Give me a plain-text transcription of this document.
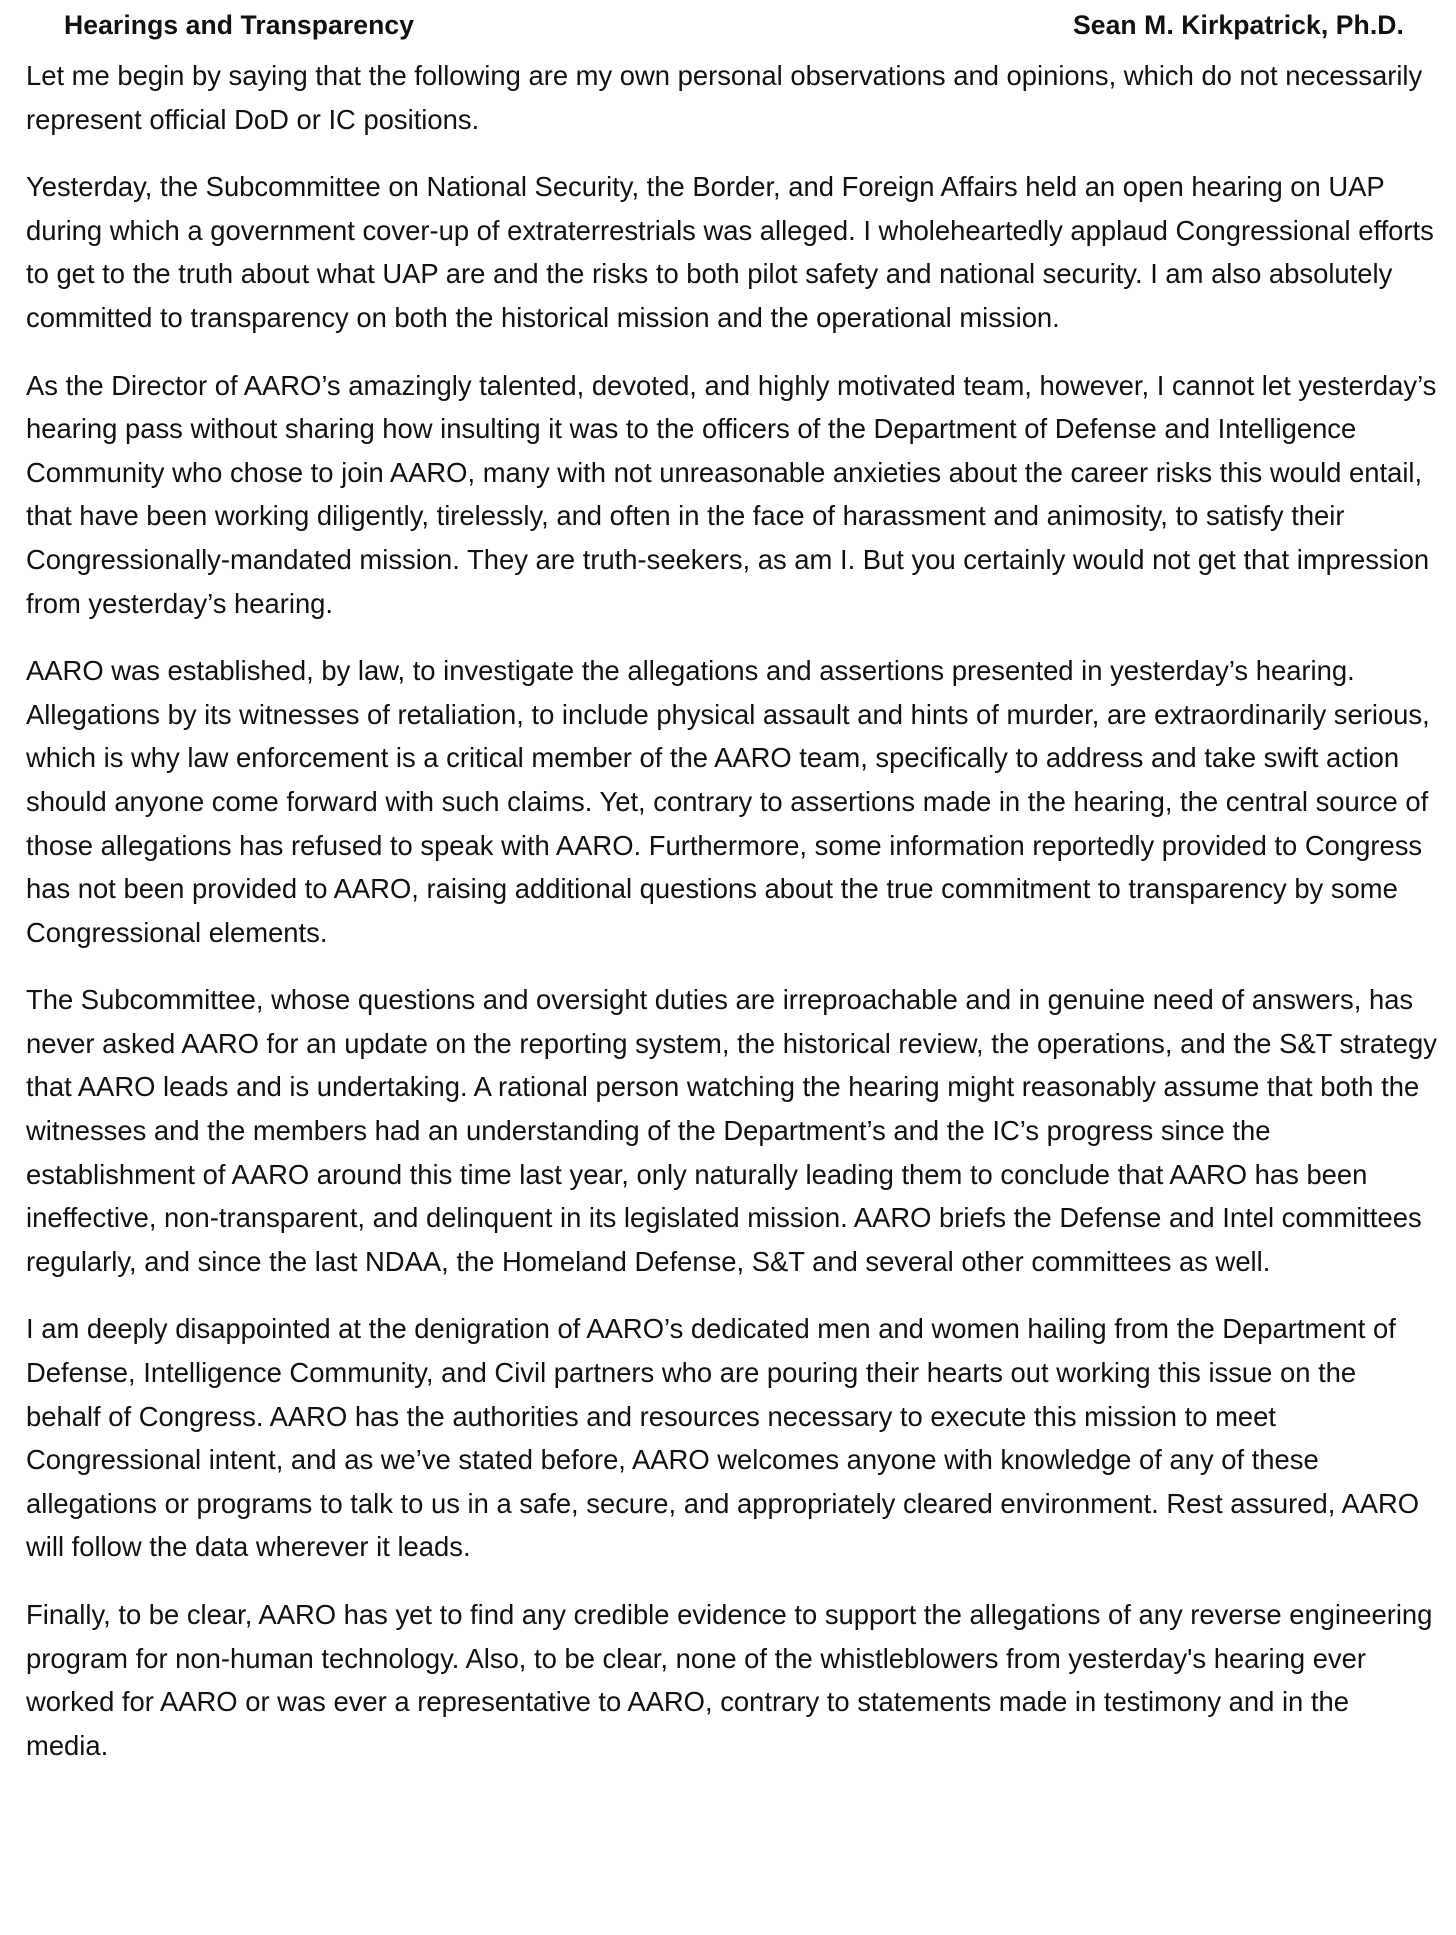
Hearings and Transparency	Sean M. Kirkpatrick, Ph.D.

Let me begin by saying that the following are my own personal observations and opinions, which do not necessarily represent official DoD or IC positions.

Yesterday, the Subcommittee on National Security, the Border, and Foreign Affairs held an open hearing on UAP during which a government cover-up of extraterrestrials was alleged. I wholeheartedly applaud Congressional efforts to get to the truth about what UAP are and the risks to both pilot safety and national security. I am also absolutely committed to transparency on both the historical mission and the operational mission.

As the Director of AARO’s amazingly talented, devoted, and highly motivated team, however, I cannot let yesterday’s hearing pass without sharing how insulting it was to the officers of the Department of Defense and Intelligence Community who chose to join AARO, many with not unreasonable anxieties about the career risks this would entail, that have been working diligently, tirelessly, and often in the face of harassment and animosity, to satisfy their Congressionally-mandated mission. They are truth-seekers, as am I. But you certainly would not get that impression from yesterday’s hearing.

AARO was established, by law, to investigate the allegations and assertions presented in yesterday’s hearing. Allegations by its witnesses of retaliation, to include physical assault and hints of murder, are extraordinarily serious, which is why law enforcement is a critical member of the AARO team, specifically to address and take swift action should anyone come forward with such claims. Yet, contrary to assertions made in the hearing, the central source of those allegations has refused to speak with AARO. Furthermore, some information reportedly provided to Congress has not been provided to AARO, raising additional questions about the true commitment to transparency by some Congressional elements.

The Subcommittee, whose questions and oversight duties are irreproachable and in genuine need of answers, has never asked AARO for an update on the reporting system, the historical review, the operations, and the S&T strategy that AARO leads and is undertaking. A rational person watching the hearing might reasonably assume that both the witnesses and the members had an understanding of the Department’s and the IC’s progress since the establishment of AARO around this time last year, only naturally leading them to conclude that AARO has been ineffective, non-transparent, and delinquent in its legislated mission. AARO briefs the Defense and Intel committees regularly, and since the last NDAA, the Homeland Defense, S&T and several other committees as well.

I am deeply disappointed at the denigration of AARO’s dedicated men and women hailing from the Department of Defense, Intelligence Community, and Civil partners who are pouring their hearts out working this issue on the behalf of Congress. AARO has the authorities and resources necessary to execute this mission to meet Congressional intent, and as we’ve stated before, AARO welcomes anyone with knowledge of any of these allegations or programs to talk to us in a safe, secure, and appropriately cleared environment. Rest assured, AARO will follow the data wherever it leads.

Finally, to be clear, AARO has yet to find any credible evidence to support the allegations of any reverse engineering program for non-human technology. Also, to be clear, none of the whistleblowers from yesterday's hearing ever worked for AARO or was ever a representative to AARO, contrary to statements made in testimony and in the media.
